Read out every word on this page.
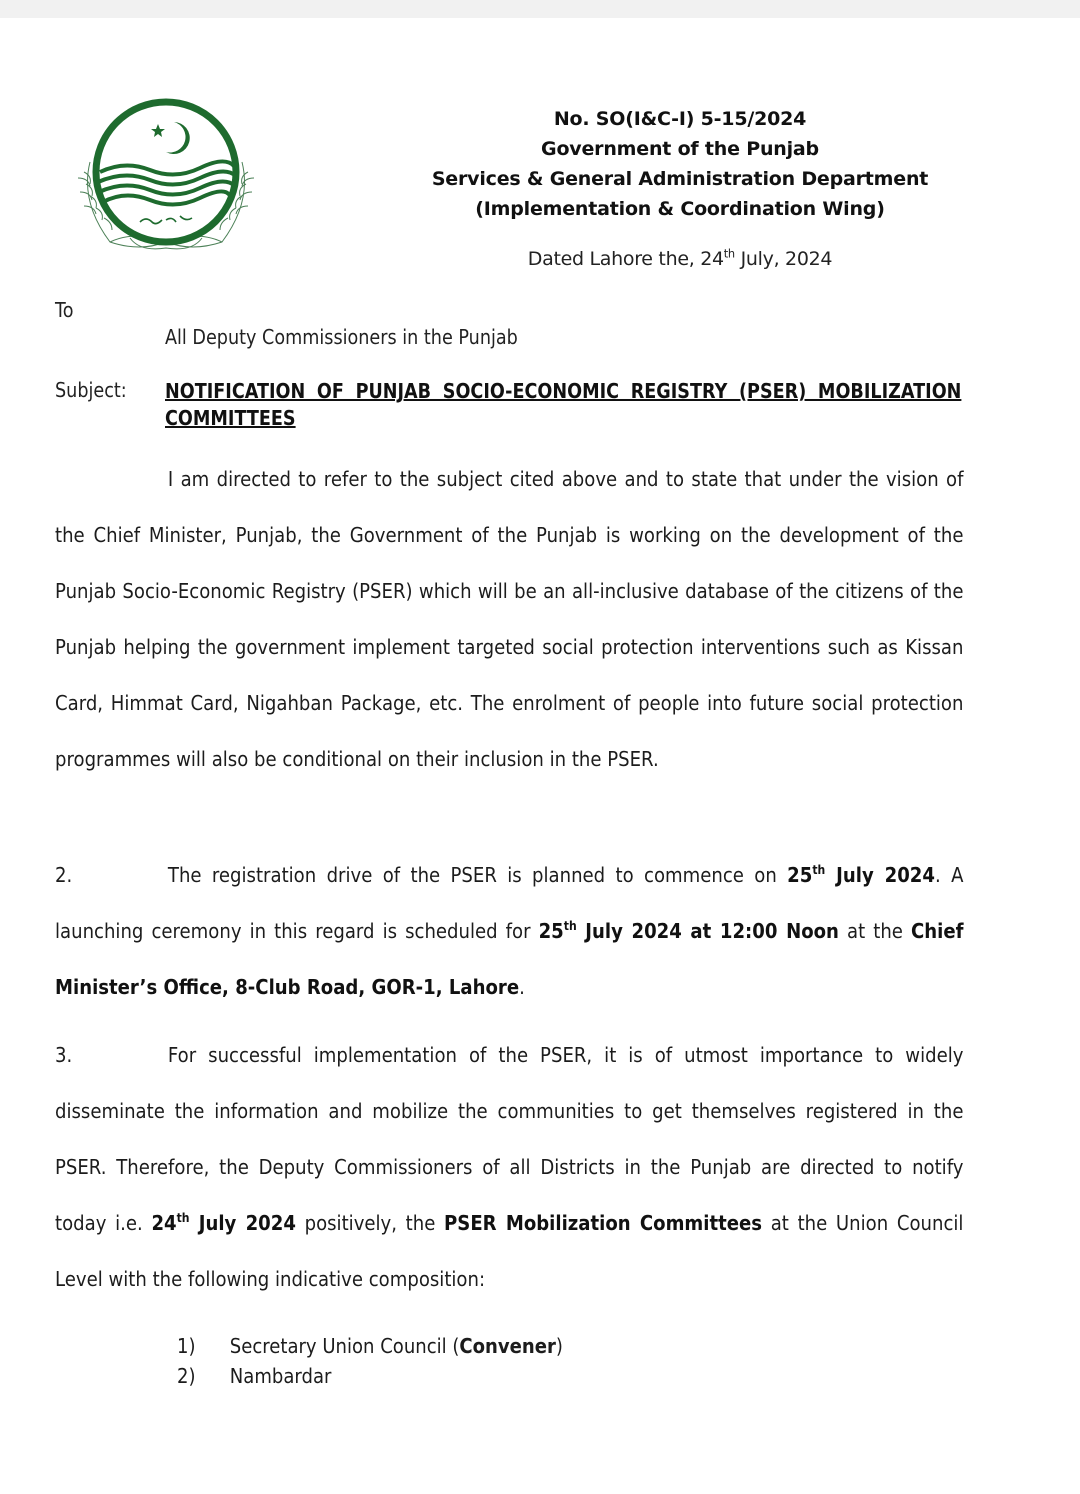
No. SO(I&C-I) 5-15/2024
Government of the Punjab
Services & General Administration Department
(Implementation & Coordination Wing)
Dated Lahore the, 24th July, 2024
To
All Deputy Commissioners in the Punjab
Subject: NOTIFICATION OF PUNJAB SOCIO-ECONOMIC REGISTRY (PSER) MOBILIZATION COMMITTEES
I am directed to refer to the subject cited above and to state that under the vision of the Chief Minister, Punjab, the Government of the Punjab is working on the development of the Punjab Socio-Economic Registry (PSER) which will be an all-inclusive database of the citizens of the Punjab helping the government implement targeted social protection interventions such as Kissan Card, Himmat Card, Nigahban Package, etc. The enrolment of people into future social protection programmes will also be conditional on their inclusion in the PSER.
2.	The registration drive of the PSER is planned to commence on 25th July 2024. A launching ceremony in this regard is scheduled for 25th July 2024 at 12:00 Noon at the Chief Minister’s Office, 8-Club Road, GOR-1, Lahore.
3.	For successful implementation of the PSER, it is of utmost importance to widely disseminate the information and mobilize the communities to get themselves registered in the PSER. Therefore, the Deputy Commissioners of all Districts in the Punjab are directed to notify today i.e. 24th July 2024 positively, the PSER Mobilization Committees at the Union Council Level with the following indicative composition:
1) Secretary Union Council (Convener)
2) Nambardar
